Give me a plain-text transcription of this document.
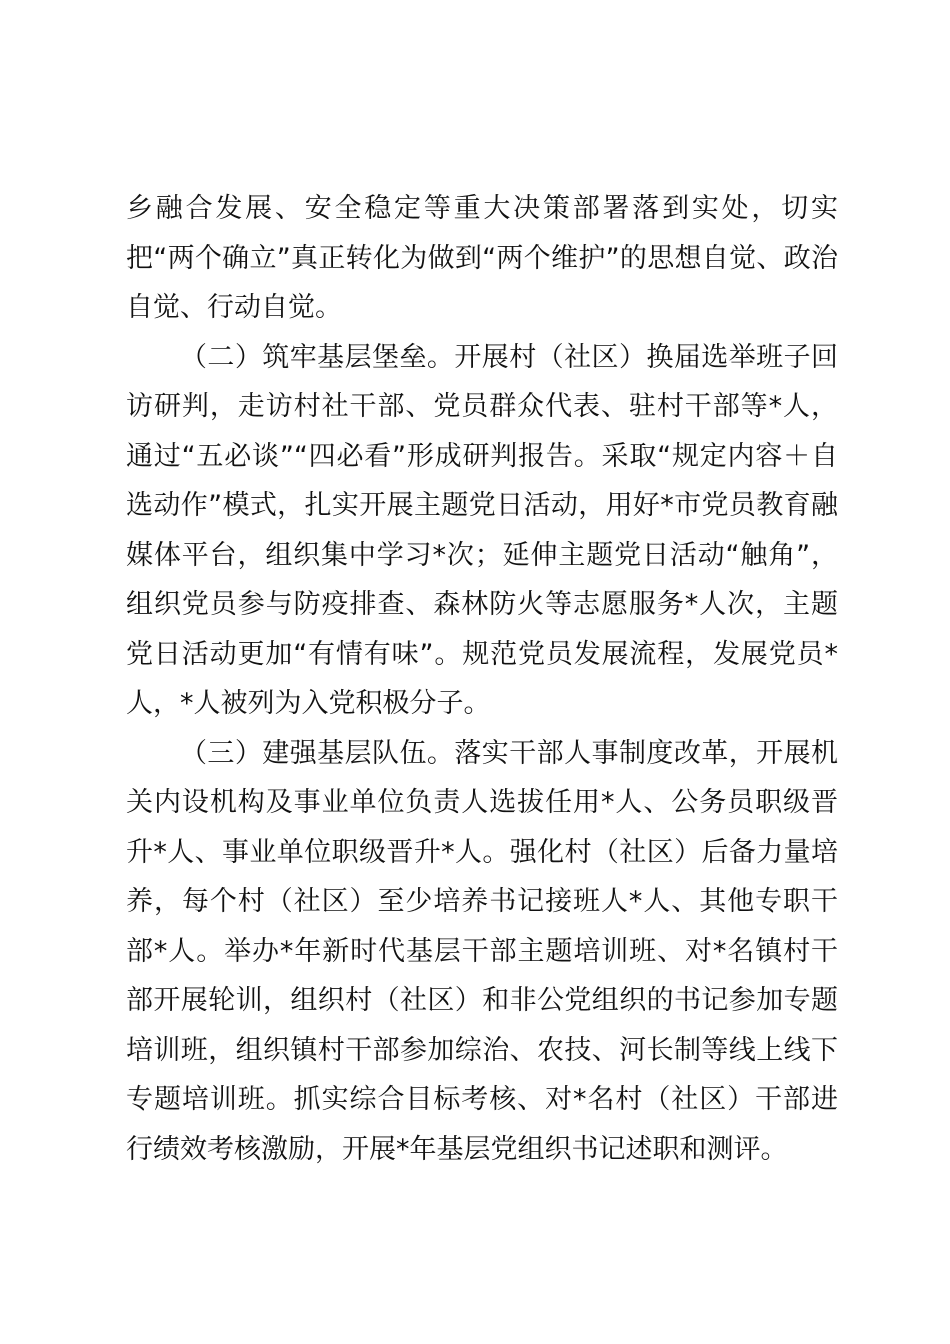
乡融合发展、安全稳定等重大决策部署落到实处，切实把“两个确立”真正转化为做到“两个维护”的思想自觉、政治自觉、行动自觉。

（二）筑牢基层堡垒。开展村（社区）换届选举班子回访研判，走访村社干部、党员群众代表、驻村干部等*人，通过“五必谈”“四必看”形成研判报告。采取“规定内容＋自选动作”模式，扎实开展主题党日活动，用好*市党员教育融媒体平台，组织集中学习*次；延伸主题党日活动“触角”，组织党员参与防疫排查、森林防火等志愿服务*人次，主题党日活动更加“有情有味”。规范党员发展流程，发展党员*人，*人被列为入党积极分子。

（三）建强基层队伍。落实干部人事制度改革，开展机关内设机构及事业单位负责人选拔任用*人、公务员职级晋升*人、事业单位职级晋升*人。强化村（社区）后备力量培养，每个村（社区）至少培养书记接班人*人、其他专职干部*人。举办*年新时代基层干部主题培训班、对*名镇村干部开展轮训，组织村（社区）和非公党组织的书记参加专题培训班，组织镇村干部参加综治、农技、河长制等线上线下专题培训班。抓实综合目标考核、对*名村（社区）干部进行绩效考核激励，开展*年基层党组织书记述职和测评。
